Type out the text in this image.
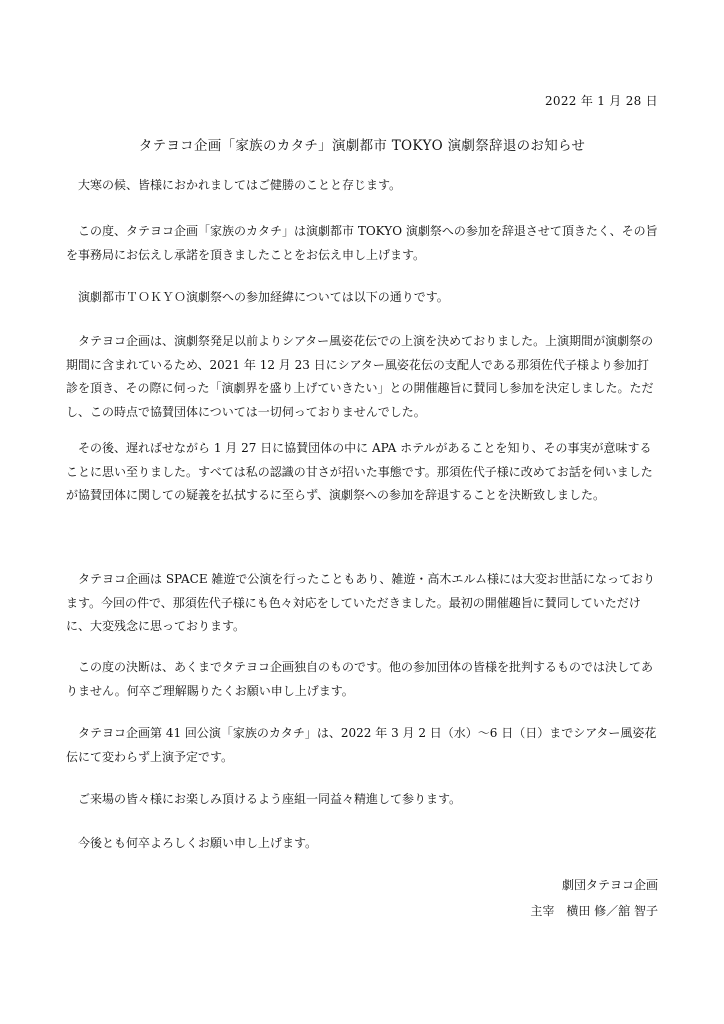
2022 年 1 月 28 日
タテヨコ企画「家族のカタチ」演劇都市 TOKYO 演劇祭辞退のお知らせ

大寒の候、皆様におかれましてはご健勝のことと存じます。

この度、タテヨコ企画「家族のカタチ」は演劇都市 TOKYO 演劇祭への参加を辞退させて頂きたく、その旨を事務局にお伝えし承諾を頂きましたことをお伝え申し上げます。

演劇都市ＴＯＫＹＯ演劇祭への参加経緯については以下の通りです。

タテヨコ企画は、演劇祭発足以前よりシアター風姿花伝での上演を決めておりました。上演期間が演劇祭の期間に含まれているため、2021 年 12 月 23 日にシアター風姿花伝の支配人である那須佐代子様より参加打診を頂き、その際に伺った「演劇界を盛り上げていきたい」との開催趣旨に賛同し参加を決定しました。ただし、この時点で協賛団体については一切伺っておりませんでした。

その後、遅ればせながら 1 月 27 日に協賛団体の中に APA ホテルがあることを知り、その事実が意味することに思い至りました。すべては私の認識の甘さが招いた事態です。那須佐代子様に改めてお話を伺いましたが協賛団体に関しての疑義を払拭するに至らず、演劇祭への参加を辞退することを決断致しました。

タテヨコ企画は SPACE 雑遊で公演を行ったこともあり、雑遊・高木エルム様には大変お世話になっております。今回の件で、那須佐代子様にも色々対応をしていただきました。最初の開催趣旨に賛同していただけに、大変残念に思っております。

この度の決断は、あくまでタテヨコ企画独自のものです。他の参加団体の皆様を批判するものでは決してありません。何卒ご理解賜りたくお願い申し上げます。

タテヨコ企画第 41 回公演「家族のカタチ」は、2022 年 3 月 2 日（水）～6 日（日）までシアター風姿花伝にて変わらず上演予定です。

ご来場の皆々様にお楽しみ頂けるよう座組一同益々精進して参ります。

今後とも何卒よろしくお願い申し上げます。

劇団タテヨコ企画
主宰　横田 修／舘 智子
